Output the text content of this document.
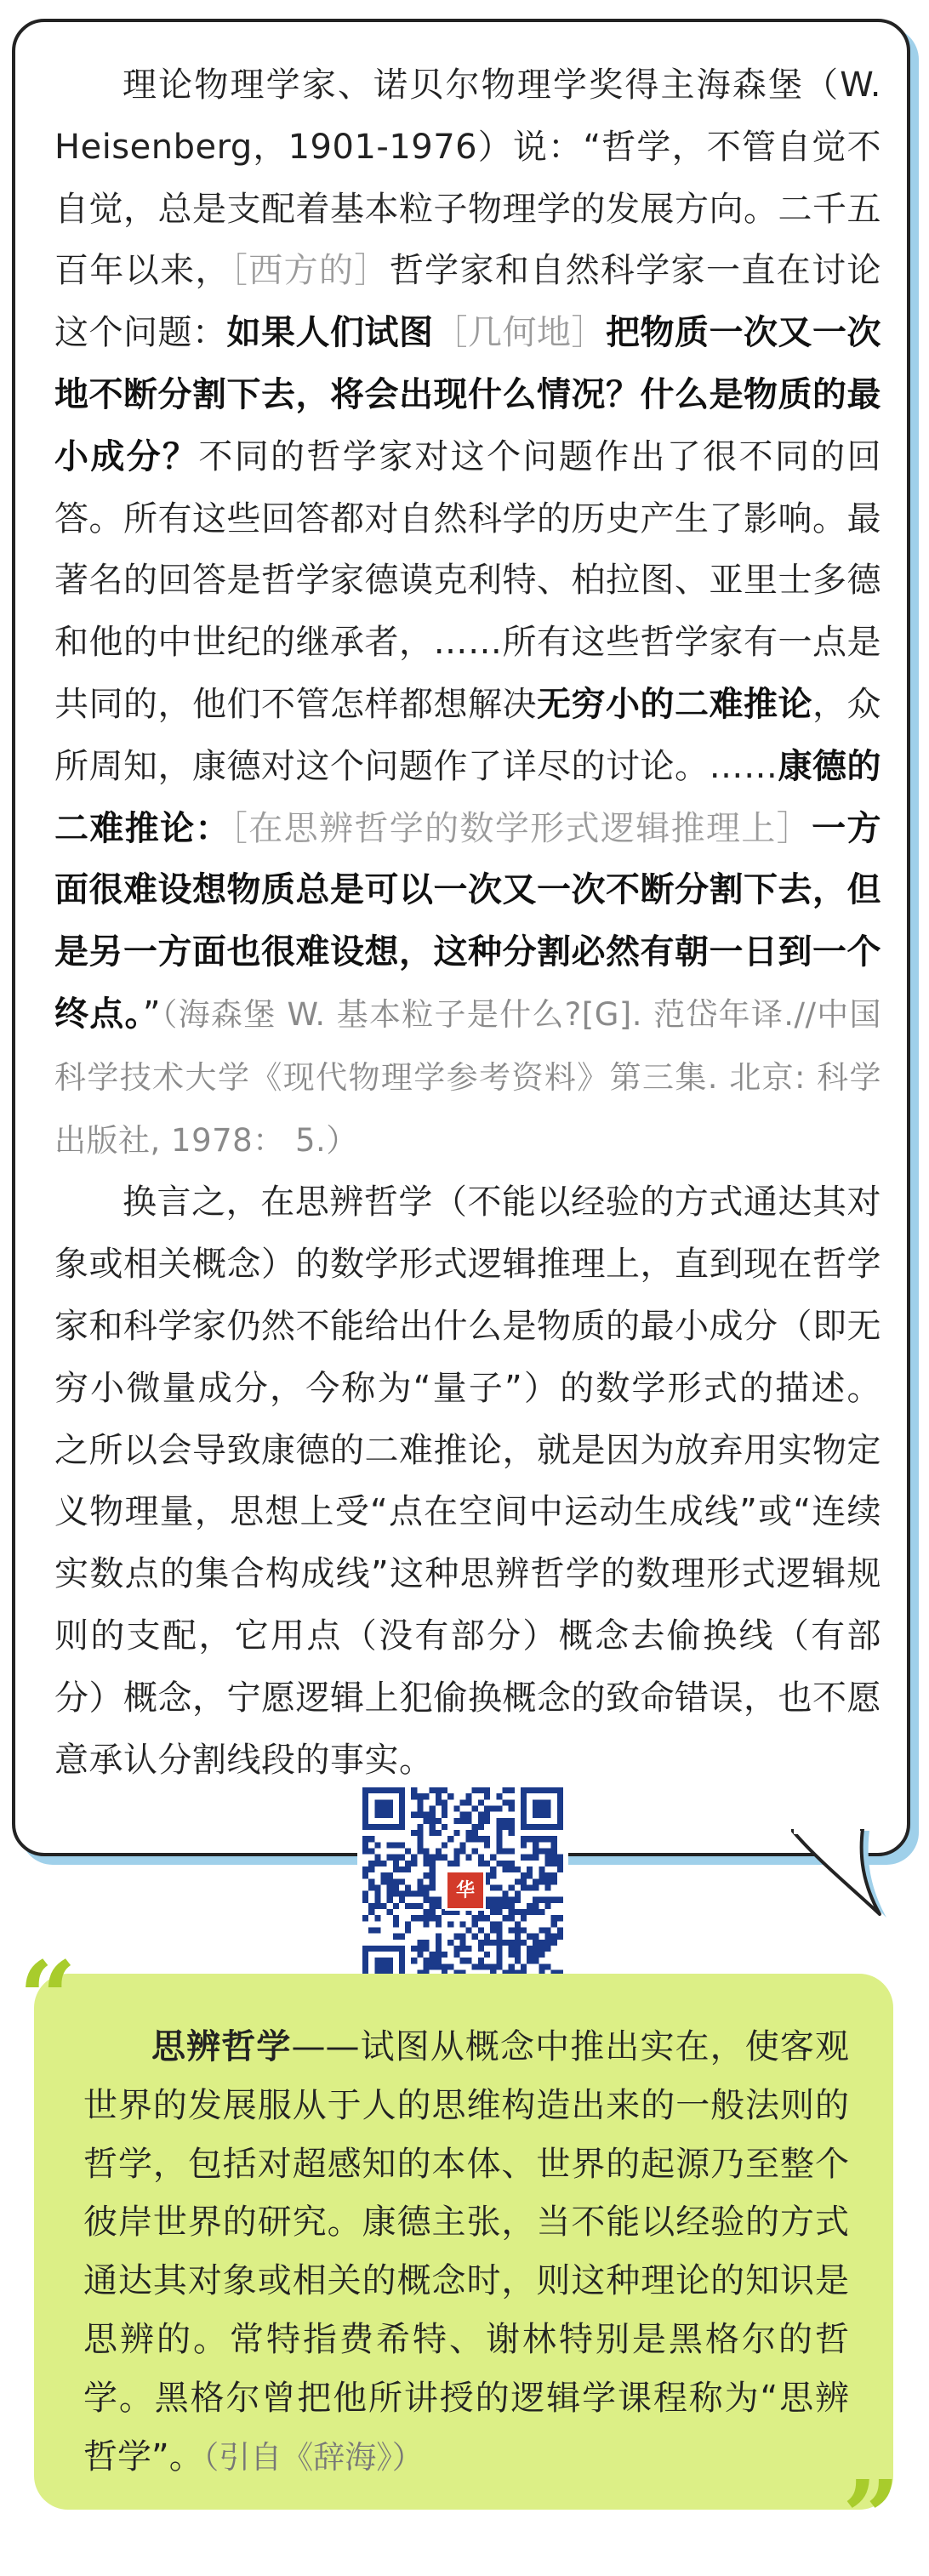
理论物理学家、诺贝尔物理学奖得主海森堡（W. Heisenberg，1901-1976）说：“哲学，不管自觉不自觉，总是支配着基本粒子物理学的发展方向。二千五百年以来，［西方的］哲学家和自然科学家一直在讨论这个问题：如果人们试图［几何地］把物质一次又一次地不断分割下去，将会出现什么情况？什么是物质的最小成分？不同的哲学家对这个问题作出了很不同的回答。所有这些回答都对自然科学的历史产生了影响。最著名的回答是哲学家德谟克利特、柏拉图、亚里士多德和他的中世纪的继承者，……所有这些哲学家有一点是共同的，他们不管怎样都想解决无穷小的二难推论，众所周知，康德对这个问题作了详尽的讨论。……康德的二难推论：［在思辨哲学的数学形式逻辑推理上］一方面很难设想物质总是可以一次又一次不断分割下去，但是另一方面也很难设想，这种分割必然有朝一日到一个终点。”（海森堡 W. 基本粒子是什么?[G]. 范岱年译.//中国科学技术大学《现代物理学参考资料》第三集. 北京: 科学出版社, 1978： 5.）

换言之，在思辨哲学（不能以经验的方式通达其对象或相关概念）的数学形式逻辑推理上，直到现在哲学家和科学家仍然不能给出什么是物质的最小成分（即无穷小微量成分，今称为“量子”）的数学形式的描述。之所以会导致康德的二难推论，就是因为放弃用实物定义物理量，思想上受“点在空间中运动生成线”或“连续实数点的集合构成线”这种思辨哲学的数理形式逻辑规则的支配，它用点（没有部分）概念去偷换线（有部分）概念，宁愿逻辑上犯偷换概念的致命错误，也不愿意承认分割线段的事实。

华

思辨哲学——试图从概念中推出实在，使客观世界的发展服从于人的思维构造出来的一般法则的哲学，包括对超感知的本体、世界的起源乃至整个彼岸世界的研究。康德主张，当不能以经验的方式通达其对象或相关的概念时，则这种理论的知识是思辨的。常特指费希特、谢林特别是黑格尔的哲学。黑格尔曾把他所讲授的逻辑学课程称为“思辨哲学”。（引自《辞海》）

“
”
